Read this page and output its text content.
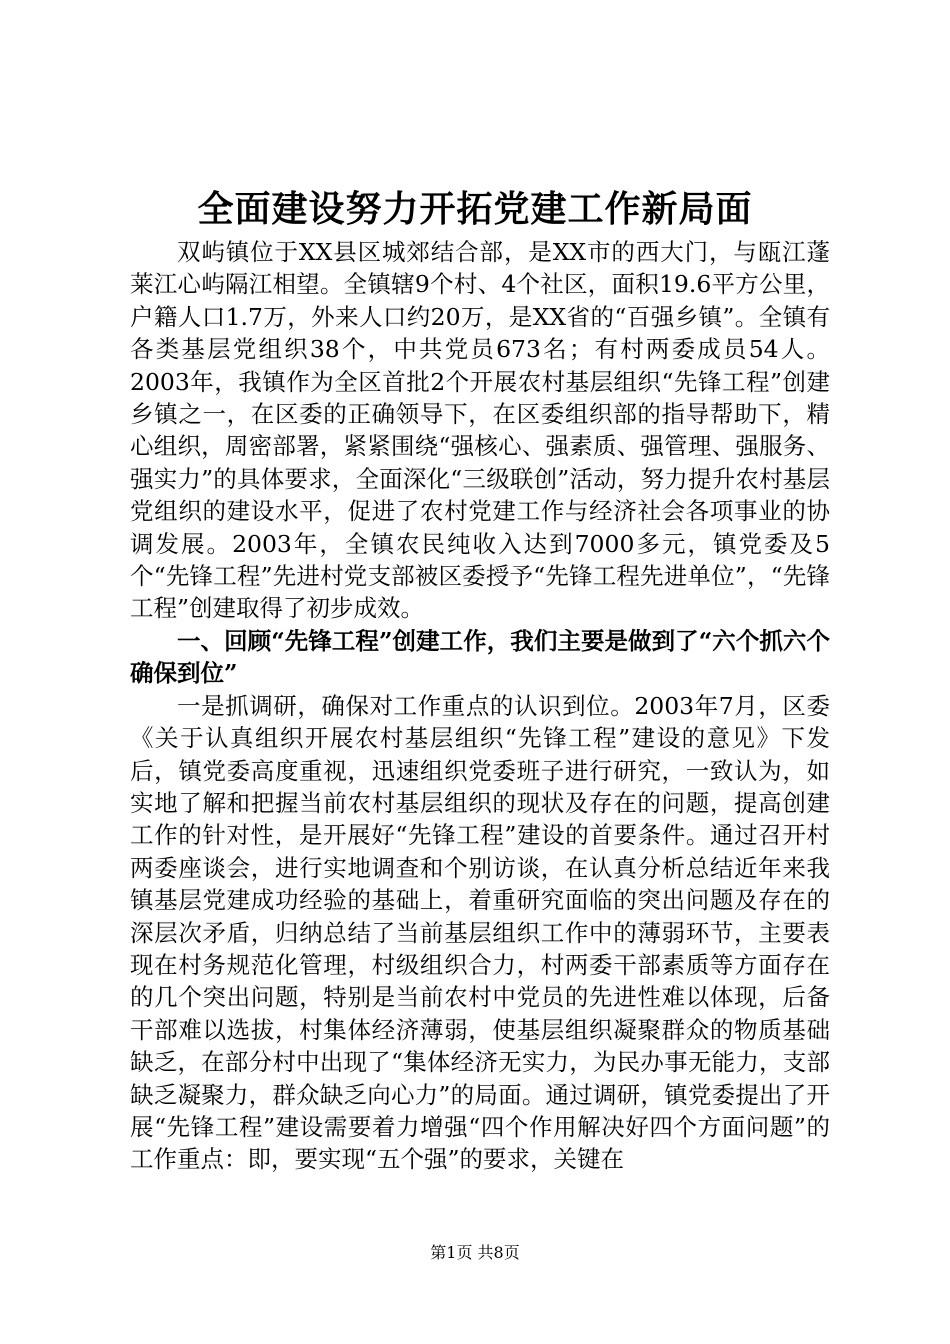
全面建设努力开拓党建工作新局面

双屿镇位于XX县区城郊结合部，是XX市的西大门，与瓯江蓬莱江心屿隔江相望。全镇辖9个村、4个社区，面积19.6平方公里，户籍人口1.7万，外来人口约20万，是XX省的“百强乡镇”。全镇有各类基层党组织38个，中共党员673名；有村两委成员54人。2003年，我镇作为全区首批2个开展农村基层组织“先锋工程”创建乡镇之一，在区委的正确领导下，在区委组织部的指导帮助下，精心组织，周密部署，紧紧围绕“强核心、强素质、强管理、强服务、强实力”的具体要求，全面深化“三级联创”活动，努力提升农村基层党组织的建设水平，促进了农村党建工作与经济社会各项事业的协调发展。2003年，全镇农民纯收入达到7000多元，镇党委及5个“先锋工程”先进村党支部被区委授予“先锋工程先进单位”，“先锋工程”创建取得了初步成效。

一、回顾“先锋工程”创建工作，我们主要是做到了“六个抓六个确保到位”

一是抓调研，确保对工作重点的认识到位。2003年7月，区委《关于认真组织开展农村基层组织“先锋工程”建设的意见》下发后，镇党委高度重视，迅速组织党委班子进行研究，一致认为，如实地了解和把握当前农村基层组织的现状及存在的问题，提高创建工作的针对性，是开展好“先锋工程”建设的首要条件。通过召开村两委座谈会，进行实地调查和个别访谈，在认真分析总结近年来我镇基层党建成功经验的基础上，着重研究面临的突出问题及存在的深层次矛盾，归纳总结了当前基层组织工作中的薄弱环节，主要表现在村务规范化管理，村级组织合力，村两委干部素质等方面存在的几个突出问题，特别是当前农村中党员的先进性难以体现，后备干部难以选拔，村集体经济薄弱，使基层组织凝聚群众的物质基础缺乏，在部分村中出现了“集体经济无实力，为民办事无能力，支部缺乏凝聚力，群众缺乏向心力”的局面。通过调研，镇党委提出了开展“先锋工程”建设需要着力增强“四个作用解决好四个方面问题”的工作重点：即，要实现“五个强”的要求，关键在

第1页 共8页
